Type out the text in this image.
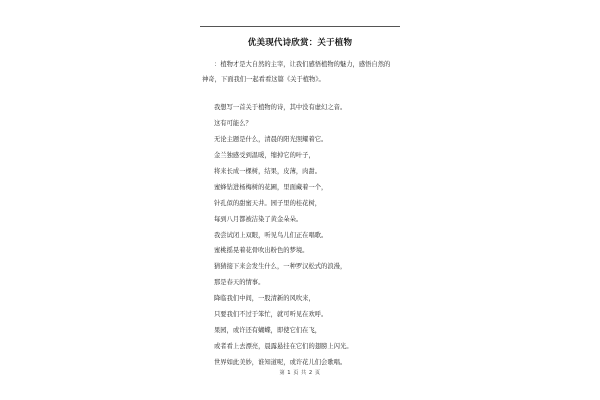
优美现代诗欣赏：关于植物
：植物才是大自然的主宰，让我们感悟植物的魅力，感悟自然的
神奇，下面我们一起看看这篇《关于植物》。
我想写一首关于植物的诗，其中没有虚幻之音。
这有可能么？
无论主题是什么，清晨的阳光照耀着它。
金兰独感受到温暖，缩掉它的叶子，
将来长成一棵树，结果，皮薄，肉甜。
蜜蜂钻进杨梅树的花圃，里面藏着一个，
针孔似的甜蜜天井。园子里的桂花树，
每到八月都被洁染了黄金朵朵。
我尝试闭上双眼，听见鸟儿们正在唱歌。
蜜桃摇晃着花骨吹出粉色的梦境。
猜猜接下来会发生什么，一种罗汉松式的浪漫，
那是春天的情事。
降临我们中间，一股清新的风吹来，
只要我们不过于笨忙，就可听见在欢呼。
果园，或许还有蝴蝶，即使它们在飞，
或者看上去漂亮，晨露悬挂在它们的翅膀上闪光。
世界如此美妙，谁知道呢，或许花儿们会歌唱。
第 1 页 共 2 页
